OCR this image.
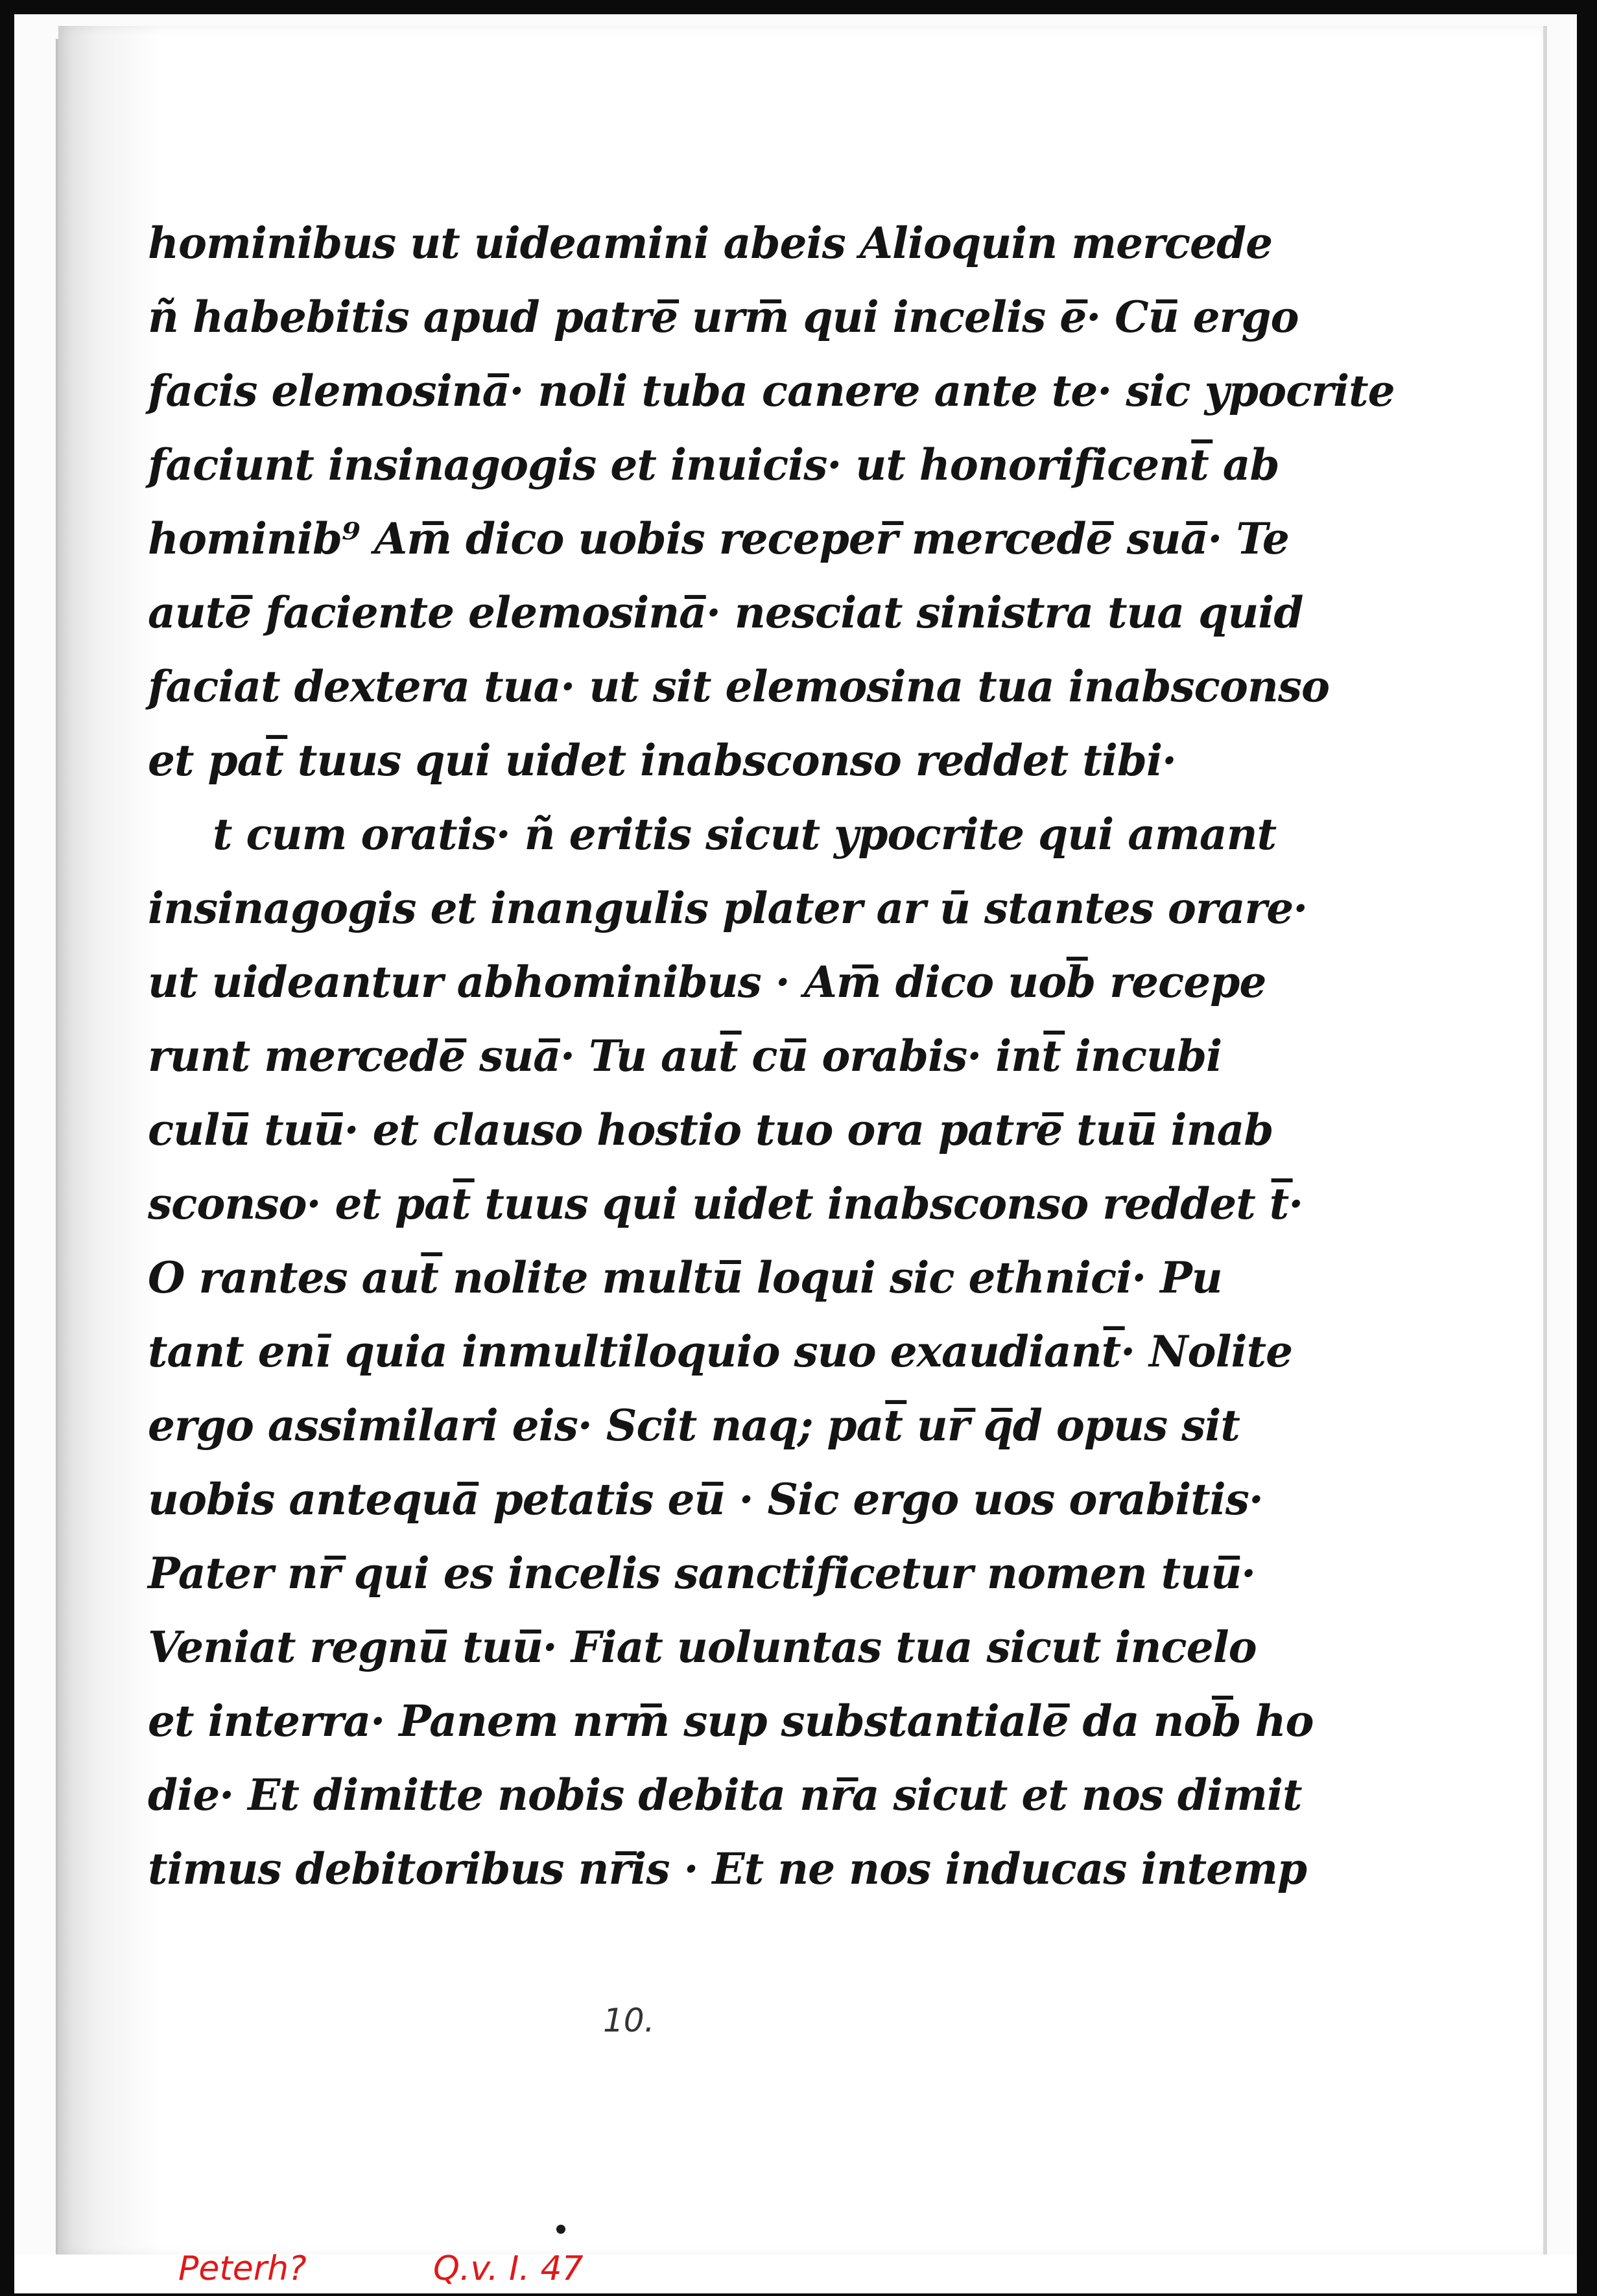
hominibus ut uideamini abeis Alioquin mercede
ñ habebitis apud patre̅ urm̅ qui incelis e̅· Cu̅ ergo
facis elemosina̅· noli tuba canere ante te· sic ypocrite
faciunt insinagogis et inuicis· ut honorificent̅ ab
hominib⁹ Am̅ dico uobis receper̅ mercede̅ sua̅· Te
aute̅ faciente elemosina̅· nesciat sinistra tua quid
faciat dextera tua· ut sit elemosina tua inabsconso
et pat̅ tuus qui uidet inabsconso reddet tibi·
t cum oratis· ñ eritis sicut ypocrite qui amant
insinagogis et inangulis plater ar ū stantes orare·
ut uideantur abhominibus · Am̅ dico uob̅ recepe
runt mercede̅ sua̅· Tu aut̅ cu̅ orabis· int̅ incubi
culu̅ tuu̅· et clauso hostio tuo ora patre̅ tuu̅ inab
sconso· et pat̅ tuus qui uidet inabsconso reddet t̅·
O rantes aut̅ nolite multu̅ loqui sic ethnici· Pu
tant enī quia inmultiloquio suo exaudiant̅· Nolite
ergo assimilari eis· Scit naq; pat̅ ur̅ q̅d opus sit
uobis antequa̅ petatis eu̅ · Sic ergo uos orabitis·
Pater nr̅ qui es incelis sanctificetur nomen tuu̅·
Veniat regnu̅ tuu̅· Fiat uoluntas tua sicut incelo
et interra· Panem nrm̅ sup substantiale̅ da nob̅ ho
die· Et dimitte nobis debita nr̅a sicut et nos dimit
timus debitoribus nr̅is · Et ne nos inducas intemp
10.
Peterh?	Q.v. I. 47
